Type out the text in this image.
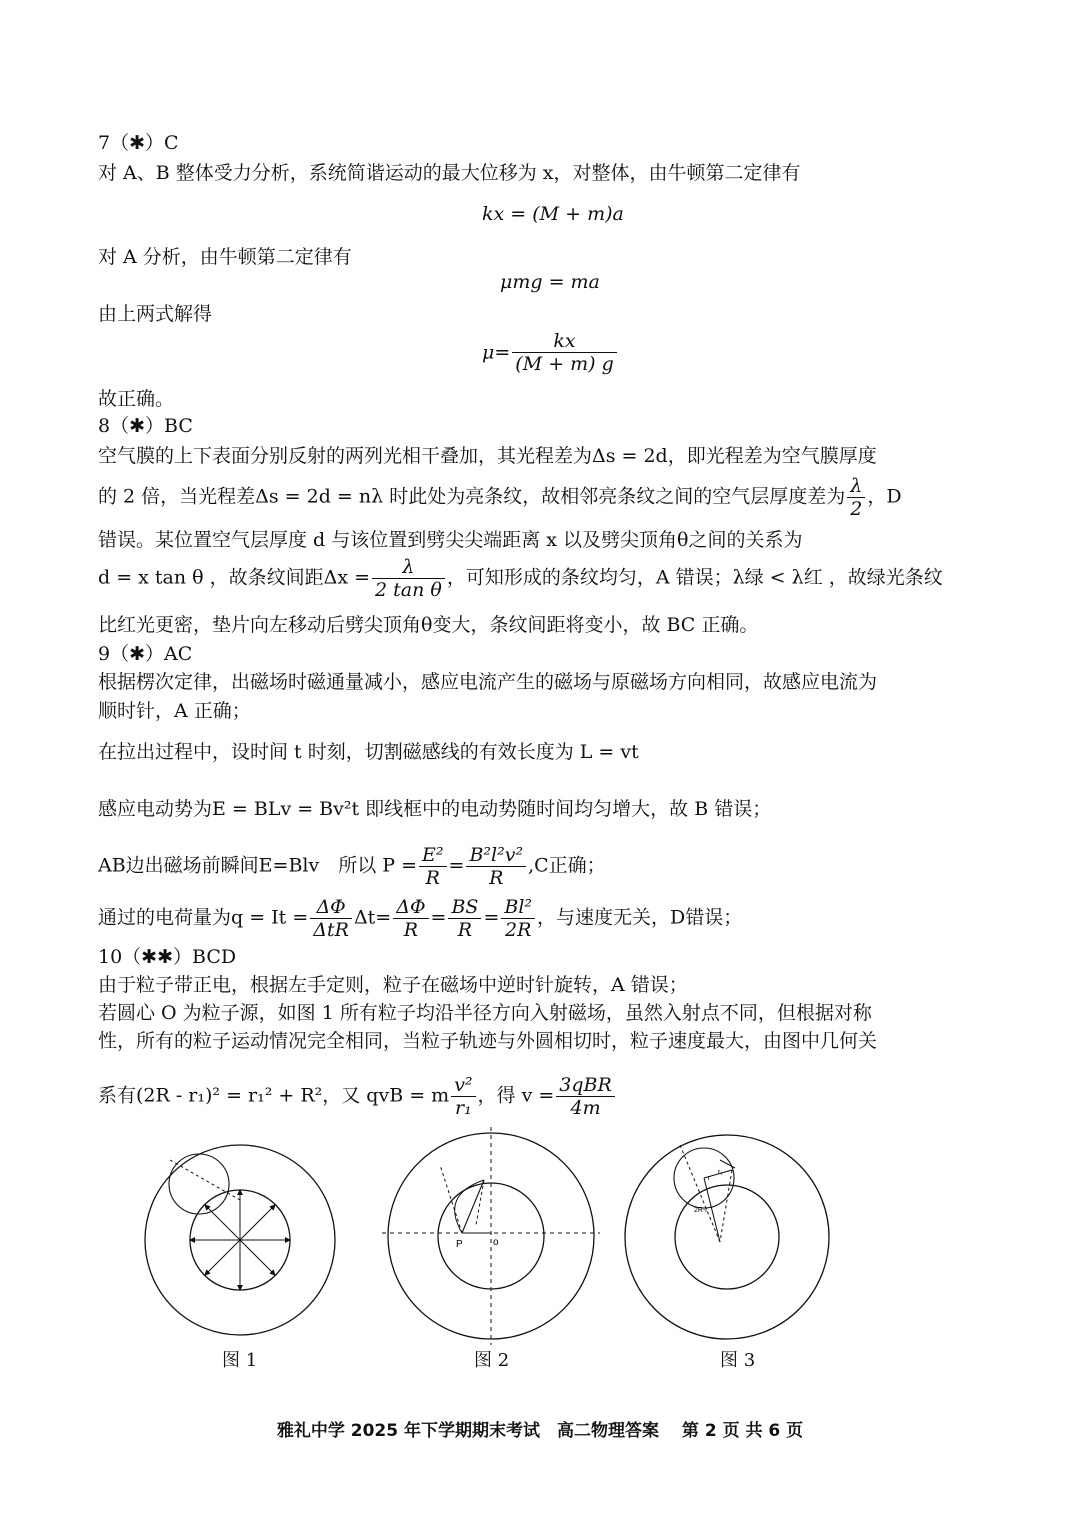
7（✱）C
对 A、B 整体受力分析，系统简谐运动的最大位移为 x，对整体，由牛顿第二定律有
kx = (M + m)a
对 A 分析，由牛顿第二定律有
μmg = ma
由上两式解得
$\mu= \frac{kx}{(M + m) g}$
故正确。
8（✱）BC
空气膜的上下表面分别反射的两列光相干叠加，其光程差为Δs = 2d，即光程差为空气膜厚度
的 2 倍，当光程差Δs = 2d = nλ 时此处为亮条纹，故相邻亮条纹之间的空气层厚度差为 $\frac{\lambda}{2}$ ，D
错误。某位置空气层厚度 d 与该位置到劈尖尖端距离 x 以及劈尖顶角θ之间的关系为
d = x tan θ ，故条纹间距$\Delta x = \frac{\lambda}{\text{2 tan θ}}$ ，可知形成的条纹均匀，A 错误；λ绿 < λ红 ，故绿光条纹
比红光更密，垫片向左移动后劈尖顶角θ变大，条纹间距将变小，故 BC 正确。
9（✱）AC
根据楞次定律，出磁场时磁通量减小，感应电流产生的磁场与原磁场方向相同，故感应电流为
顺时针，A 正确；
在拉出过程中，设时间 t 时刻，切割磁感线的有效长度为 L = vt
感应电动势为E = BLv = Bv²t 即线框中的电动势随时间均匀增大，故 B 错误；
AB边出磁场前瞬间E=Blv　所以 $P = \frac{\text{E²}}{R} = \frac{\text{B²l²v²}}{R} ,C$正确；
通过的电荷量为$q = It = \frac{\Delta\Phi}{\text{ΔtR}} \Delta t= \frac{\Delta\Phi}{R} = \frac{BS}{R} = \frac{\text{Bl²}}{2R}$ ，与速度无关，D错误；
10（✱✱）BCD
由于粒子带正电，根据左手定则，粒子在磁场中逆时针旋转，A 错误；
若圆心 O 为粒子源，如图 1 所有粒子均沿半径方向入射磁场，虽然入射点不同，但根据对称
性，所有的粒子运动情况完全相同，当粒子轨迹与外圆相切时，粒子速度最大，由图中几何关
系有(2R - r₁)² = r₁² + R²，又 qvB = m $\frac{\text{v²}}{\text{r₁}}$ ，得 $v = \frac{\text{3qBR}}{4m}$
图 1
P	o
图 2
r
r₁
2R-r
图 3
雅礼中学 2025 年下学期期末考试　高二物理答案　 第 2 页 共 6 页
